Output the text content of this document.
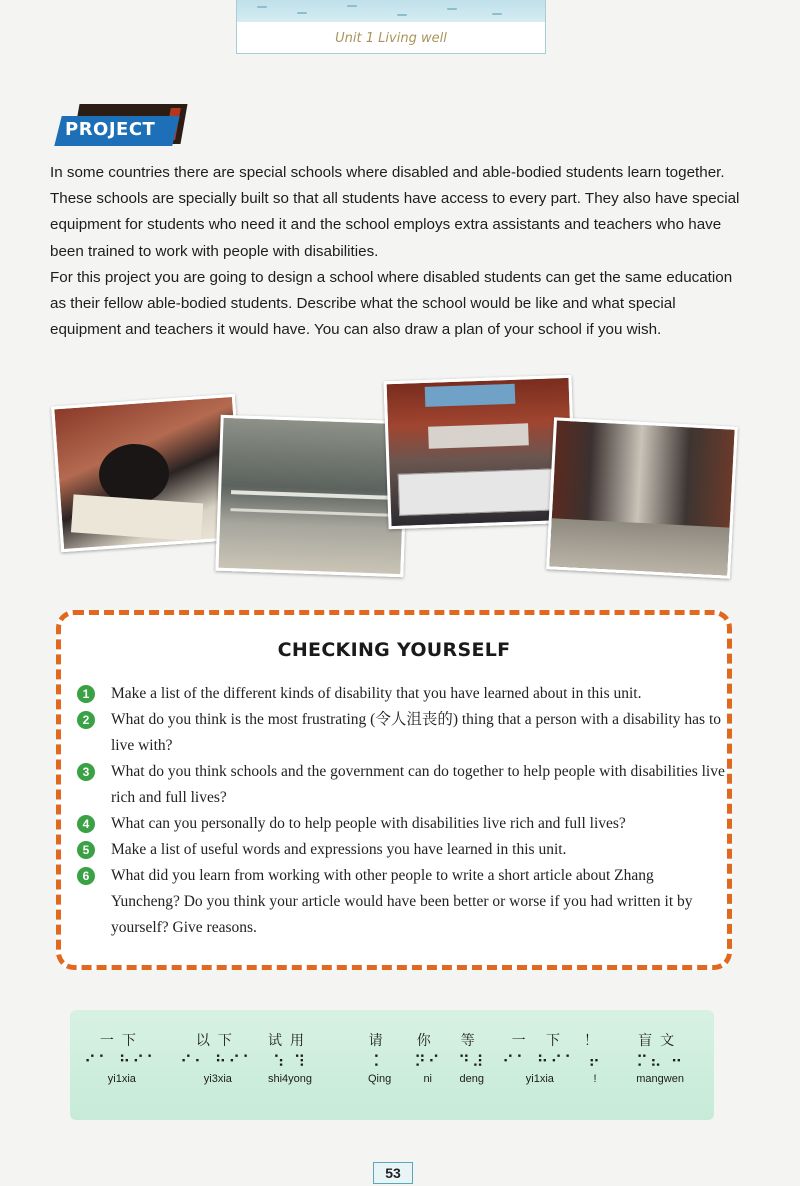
Unit 1 Living well
PROJECT

In some countries there are special schools where disabled and able-bodied students learn together. These schools are specially built so that all students have access to every part. They also have special equipment for students who need it and the school employs extra assistants and teachers who have been trained to work with people with disabilities.

For this project you are going to design a school where disabled students can get the same education as their fellow able-bodied students. Describe what the school would be like and what special equipment and teachers it would have. You can also draw a plan of your school if you wish.

CHECKING YOURSELF

1	Make a list of the different kinds of disability that you have learned about in this unit.

2	What do you think is the most frustrating (令人沮丧的) thing that a person with a disability has to live with?

3	What do you think schools and the government can do together to help people with disabilities live rich and full lives?

4	What can you personally do to help people with disabilities live rich and full lives?

5	Make a list of useful words and expressions you have learned in this unit.

6	What did you learn from working with other people to write a short article about Zhang Yuncheng? Do you think your article would have been better or worse if you had written it by yourself? Give reasons.

一下
⠊⠁ ⠓⠊⠁
yi1xia
以下
⠊⠂ ⠓⠊⠁
yi3xia
试用
⠱ ⠹
shi4yong
请
⠅
Qing
你
⠝⠊
ni
等
⠙⠼
deng
一 下
⠊⠁ ⠓⠊⠁
yi1xia
！
⠖
!
盲文
⠍⠦ ⠒
mangwen
53
